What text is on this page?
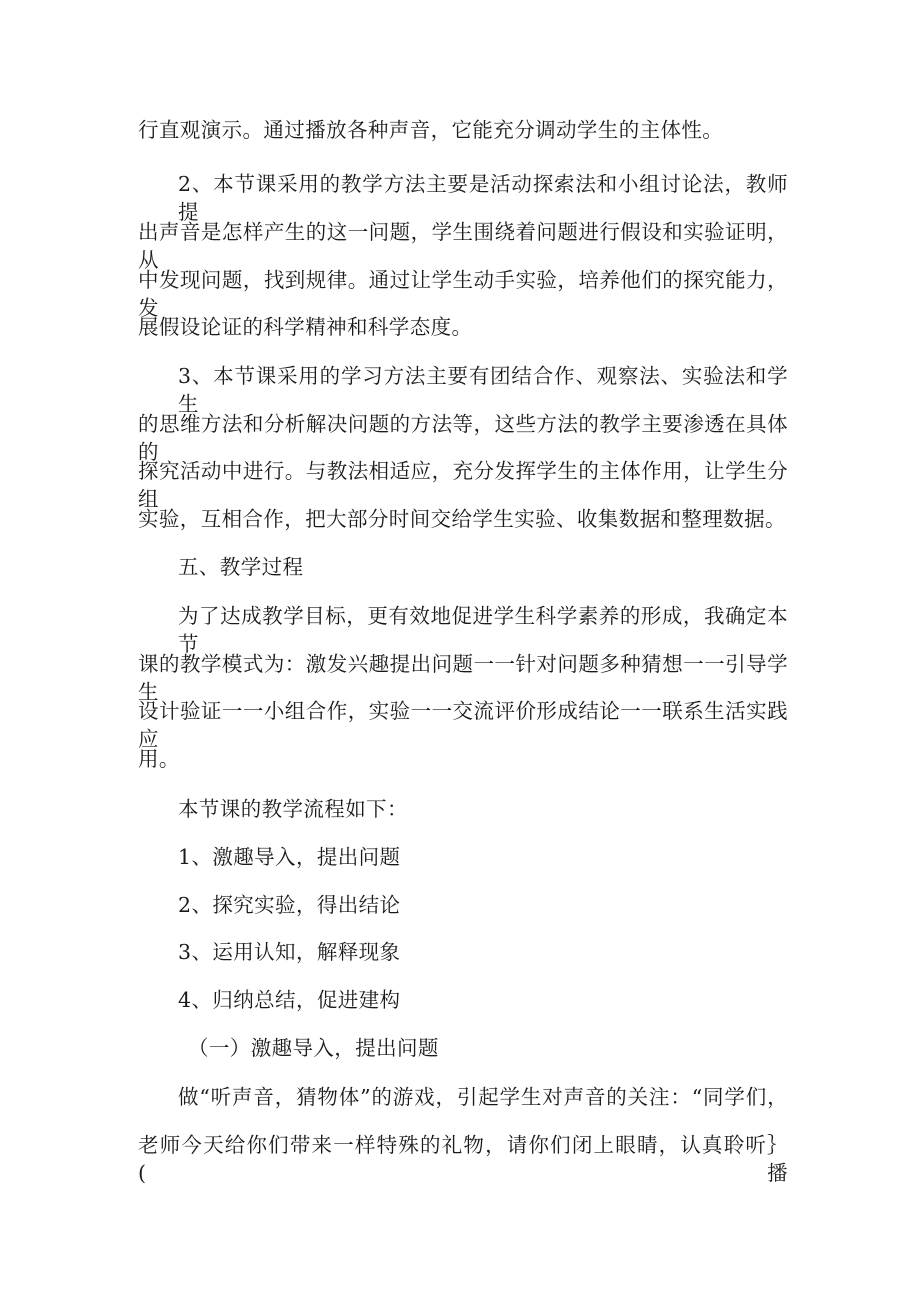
行直观演示。通过播放各种声音，它能充分调动学生的主体性。
2、本节课采用的教学方法主要是活动探索法和小组讨论法，教师提
出声音是怎样产生的这一问题，学生围绕着问题进行假设和实验证明，从
中发现问题，找到规律。通过让学生动手实验，培养他们的探究能力，发
展假设论证的科学精神和科学态度。
3、本节课采用的学习方法主要有团结合作、观察法、实验法和学生
的思维方法和分析解决问题的方法等，这些方法的教学主要渗透在具体的
探究活动中进行。与教法相适应，充分发挥学生的主体作用，让学生分组
实验，互相合作，把大部分时间交给学生实验、收集数据和整理数据。
五、教学过程
为了达成教学目标，更有效地促进学生科学素养的形成，我确定本节
课的教学模式为：激发兴趣提出问题一一针对问题多种猜想一一引导学生
设计验证一一小组合作，实验一一交流评价形成结论一一联系生活实践应
用。
本节课的教学流程如下：
1、激趣导入，提出问题
2、探究实验，得出结论
3、运用认知，解释现象
4、归纳总结，促进建构
（一）激趣导入，提出问题
做“听声音，猜物体”的游戏，引起学生对声音的关注：“同学们，
老师今天给你们带来一样特殊的礼物，请你们闭上眼睛，认真聆听｝(播
